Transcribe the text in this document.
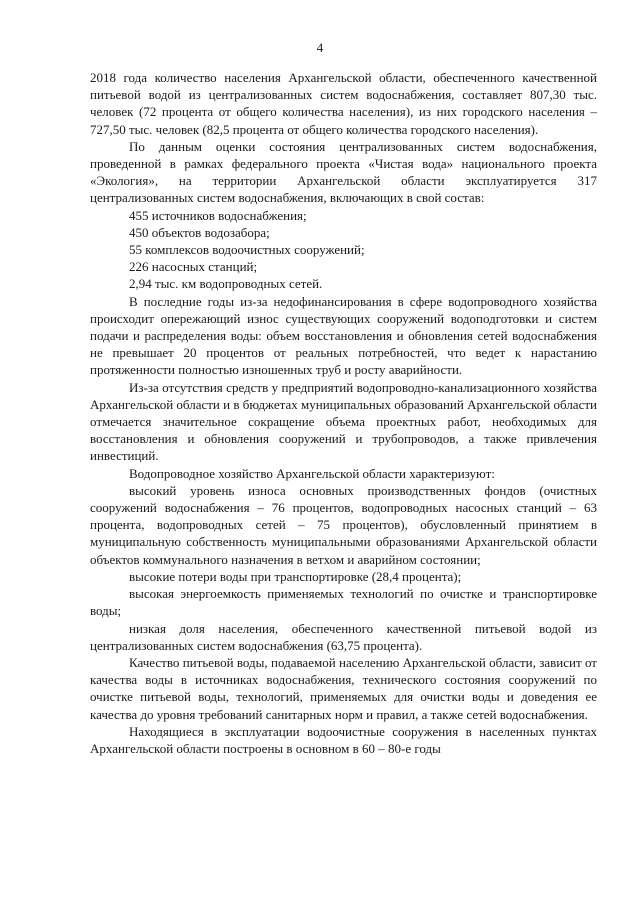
4

2018 года количество населения Архангельской области, обеспеченного качественной питьевой водой из централизованных систем водоснабжения, составляет 807,30 тыс. человек (72 процента от общего количества населения), из них городского населения – 727,50 тыс. человек (82,5 процента от общего количества городского населения).

По данным оценки состояния централизованных систем водоснабжения, проведенной в рамках федерального проекта «Чистая вода» национального проекта «Экология», на территории Архангельской области эксплуатируется 317 централизованных систем водоснабжения, включающих в свой состав:

455 источников водоснабжения;

450 объектов водозабора;

55 комплексов водоочистных сооружений;

226 насосных станций;

2,94 тыс. км водопроводных сетей.

В последние годы из-за недофинансирования в сфере водопроводного хозяйства происходит опережающий износ существующих сооружений водоподготовки и систем подачи и распределения воды: объем восстановления и обновления сетей водоснабжения не превышает 20 процентов от реальных потребностей, что ведет к нарастанию протяженности полностью изношенных труб и росту аварийности.

Из-за отсутствия средств у предприятий водопроводно-канализационного хозяйства Архангельской области и в бюджетах муниципальных образований Архангельской области отмечается значительное сокращение объема проектных работ, необходимых для восстановления и обновления сооружений и трубопроводов, а также привлечения инвестиций.

Водопроводное хозяйство Архангельской области характеризуют:

высокий уровень износа основных производственных фондов (очистных сооружений водоснабжения – 76 процентов, водопроводных насосных станций – 63 процента, водопроводных сетей – 75 процентов), обусловленный принятием в муниципальную собственность муниципальными образованиями Архангельской области объектов коммунального назначения в ветхом и аварийном состоянии;

высокие потери воды при транспортировке (28,4 процента);

высокая энергоемкость применяемых технологий по очистке и транспортировке воды;

низкая доля населения, обеспеченного качественной питьевой водой из централизованных систем водоснабжения (63,75 процента).

Качество питьевой воды, подаваемой населению Архангельской области, зависит от качества воды в источниках водоснабжения, технического состояния сооружений по очистке питьевой воды, технологий, применяемых для очистки воды и доведения ее качества до уровня требований санитарных норм и правил, а также сетей водоснабжения.

Находящиеся в эксплуатации водоочистные сооружения в населенных пунктах Архангельской области построены в основном в 60 – 80-е годы
